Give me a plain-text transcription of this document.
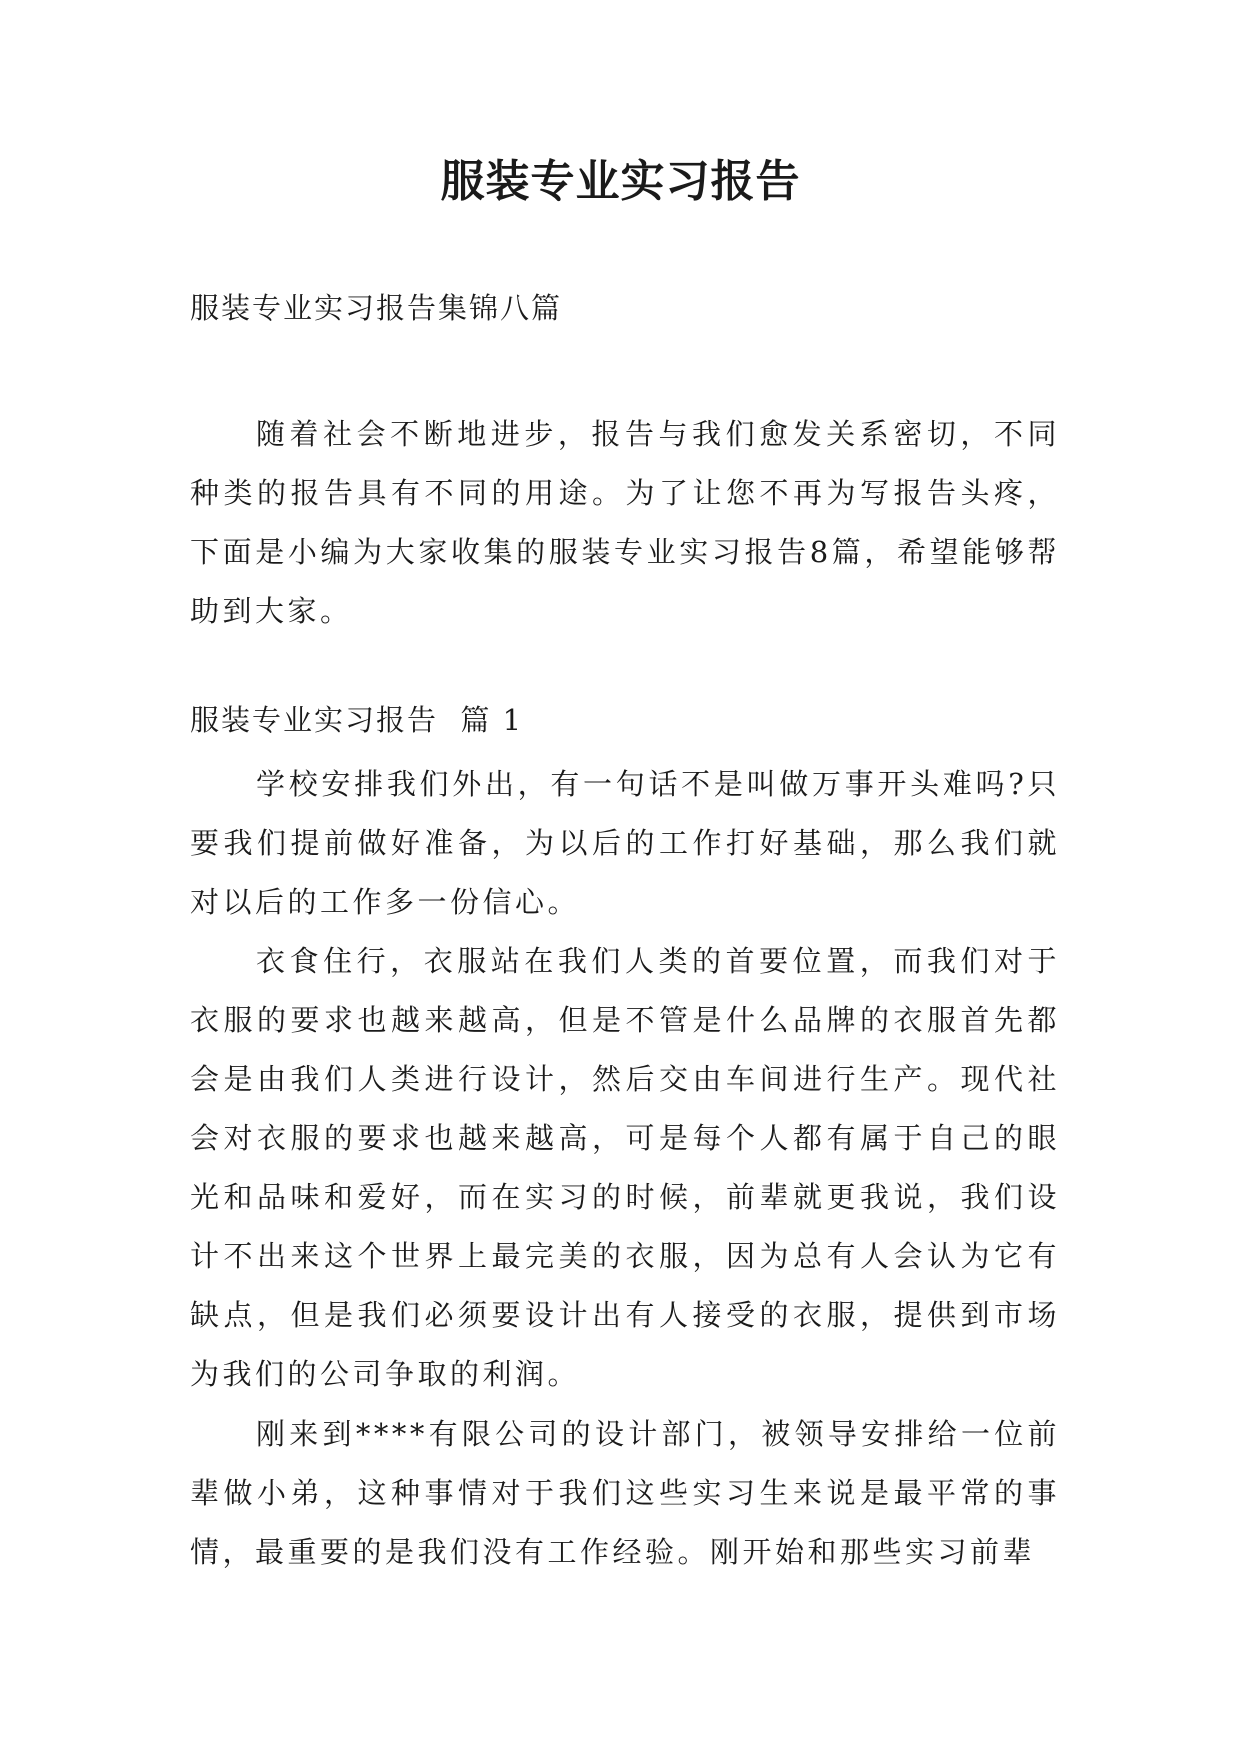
服装专业实习报告

服装专业实习报告集锦八篇

随着社会不断地进步，报告与我们愈发关系密切，不同种类的报告具有不同的用途。为了让您不再为写报告头疼，下面是小编为大家收集的服装专业实习报告8篇，希望能够帮助到大家。

服装专业实习报告  篇 1

学校安排我们外出，有一句话不是叫做万事开头难吗?只要我们提前做好准备，为以后的工作打好基础，那么我们就对以后的工作多一份信心。

衣食住行，衣服站在我们人类的首要位置，而我们对于衣服的要求也越来越高，但是不管是什么品牌的衣服首先都会是由我们人类进行设计，然后交由车间进行生产。现代社会对衣服的要求也越来越高，可是每个人都有属于自己的眼光和品味和爱好，而在实习的时候，前辈就更我说，我们设计不出来这个世界上最完美的衣服，因为总有人会认为它有缺点，但是我们必须要设计出有人接受的衣服，提供到市场为我们的公司争取的利润。

刚来到****有限公司的设计部门，被领导安排给一位前辈做小弟，这种事情对于我们这些实习生来说是最平常的事情，最重要的是我们没有工作经验。刚开始和那些实习前辈
